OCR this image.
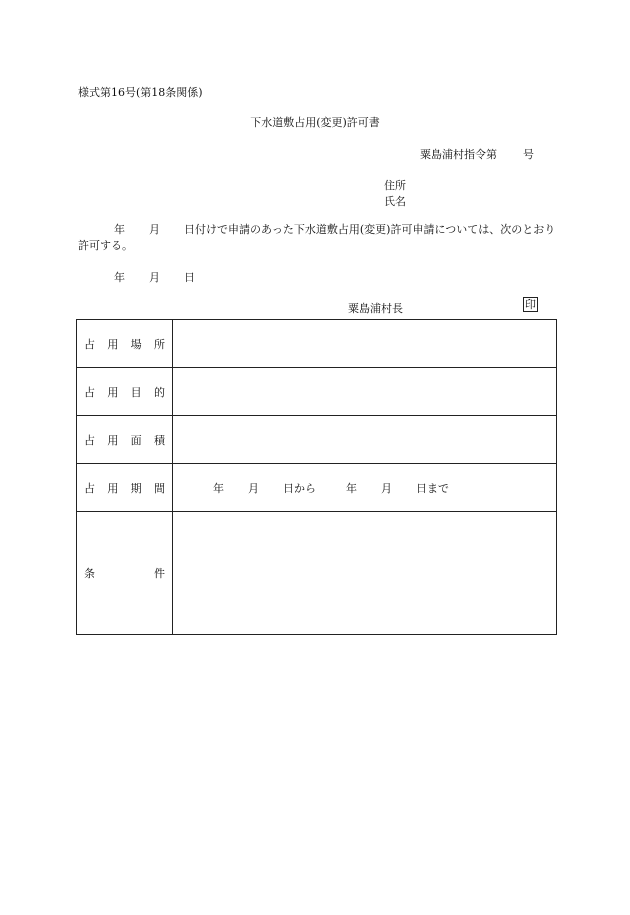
様式第16号(第18条関係)
下水道敷占用(変更)許可書
粟島浦村指令第 号
住所
氏名
年 月 日付けで申請のあった下水道敷占用(変更)許可申請については、次のとおり許可する。
年 月 日
粟島浦村長	印
占 用 場 所	

占 用 目 的	

占 用 面 積	

占 用 期 間	年 月 日から 年 月 日まで

条 件	
